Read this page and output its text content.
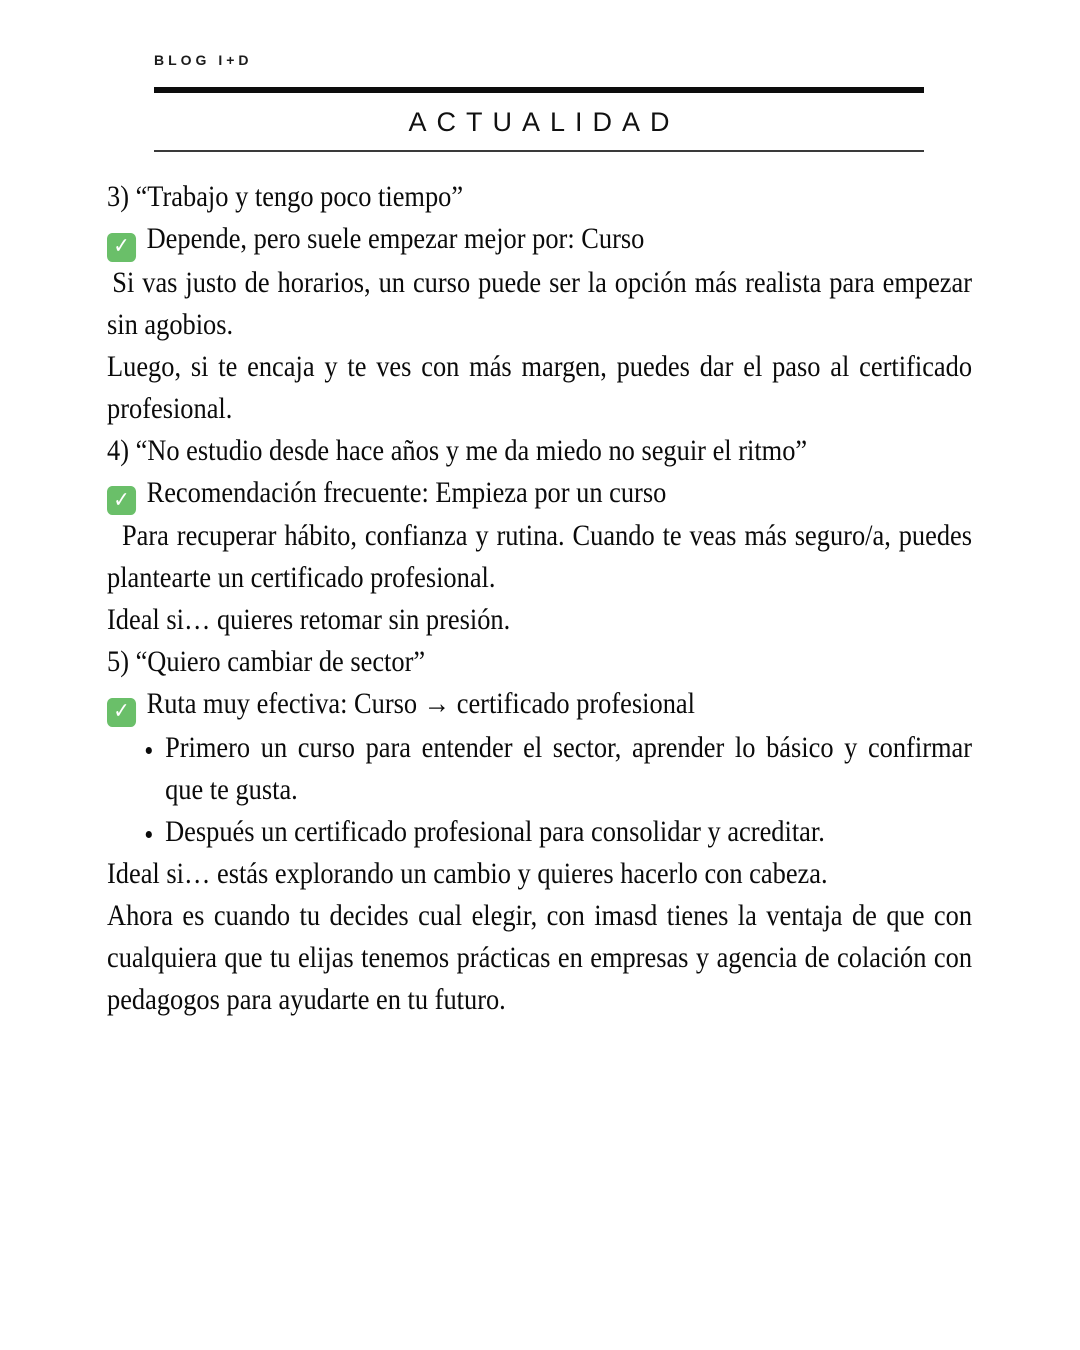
BLOG I+D
ACTUALIDAD

3) “Trabajo y tengo poco tiempo”

✓ Depende, pero suele empezar mejor por: Curso

Si vas justo de horarios, un curso puede ser la opción más realista para empezar sin agobios.

Luego, si te encaja y te ves con más margen, puedes dar el paso al certificado profesional.

4) “No estudio desde hace años y me da miedo no seguir el ritmo”

✓ Recomendación frecuente: Empieza por un curso

Para recuperar hábito, confianza y rutina. Cuando te veas más seguro/a, puedes plantearte un certificado profesional.

Ideal si… quieres retomar sin presión.

5) “Quiero cambiar de sector”

✓ Ruta muy efectiva: Curso → certificado profesional

• Primero un curso para entender el sector, aprender lo básico y confirmar que te gusta.
• Después un certificado profesional para consolidar y acreditar.

Ideal si… estás explorando un cambio y quieres hacerlo con cabeza.

Ahora es cuando tu decides cual elegir, con imasd tienes la ventaja de que con cualquiera que tu elijas tenemos prácticas en empresas y agencia de colación con pedagogos para ayudarte en tu futuro.
